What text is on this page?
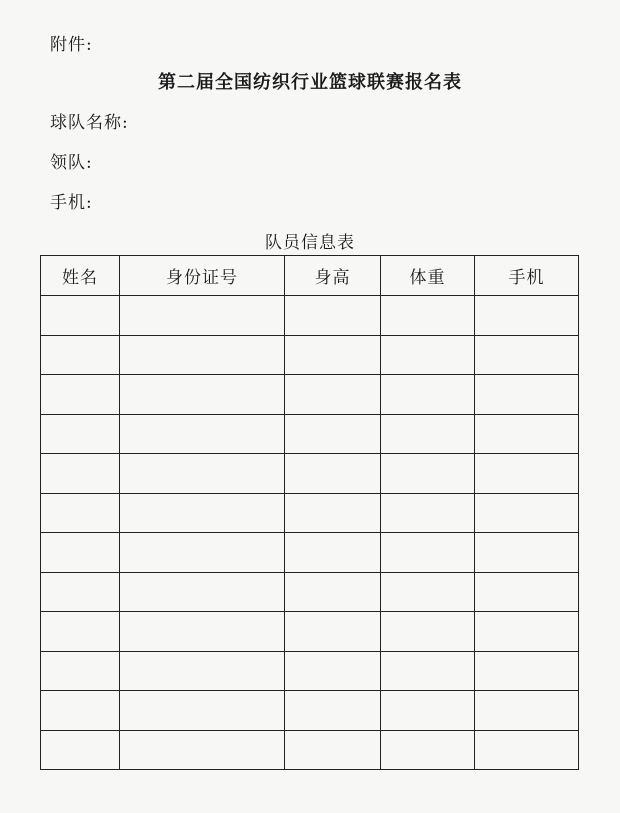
附件:
第二届全国纺织行业篮球联赛报名表
球队名称:
领队:
手机:
队员信息表
姓名	身份证号	身高	体重	手机
